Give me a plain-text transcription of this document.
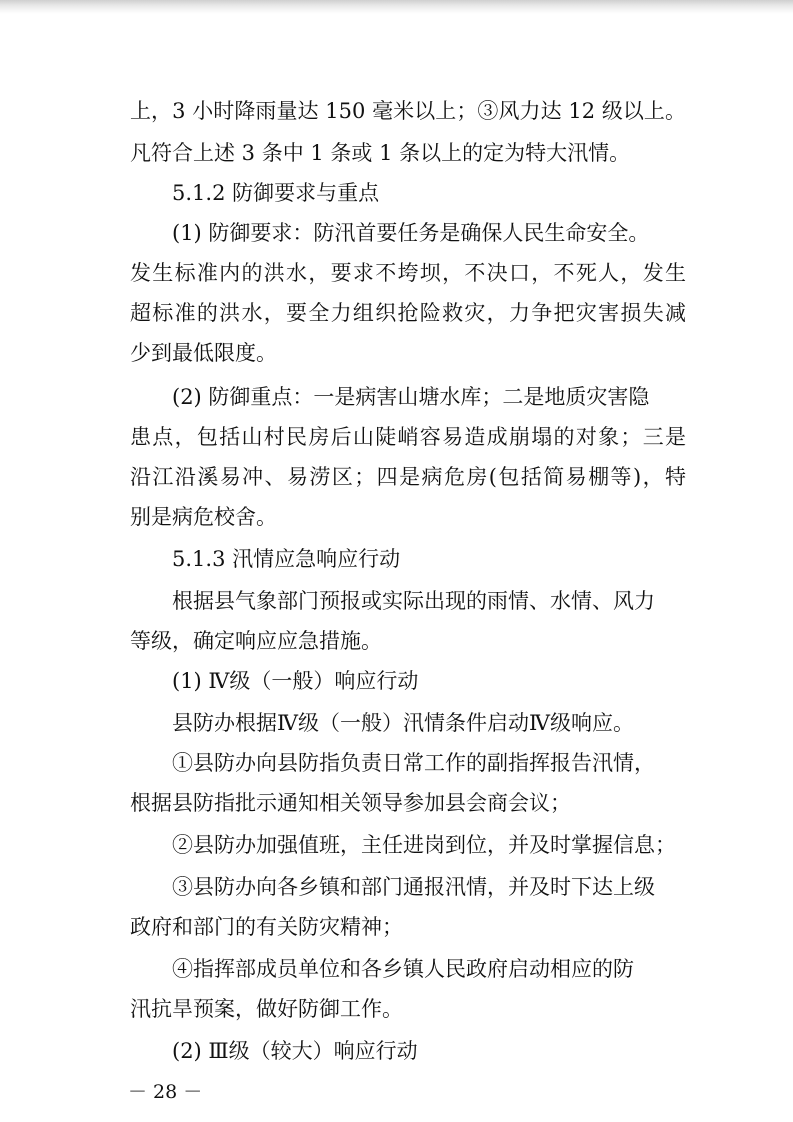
上，3 小时降雨量达 150 毫米以上；③风力达 12 级以上。
凡符合上述 3 条中 1 条或 1 条以上的定为特大汛情。
5.1.2 防御要求与重点
(1) 防御要求：防汛首要任务是确保人民生命安全。
发生标准内的洪水，要求不垮坝，不决口，不死人，发生
超标准的洪水，要全力组织抢险救灾，力争把灾害损失减
少到最低限度。
(2) 防御重点：一是病害山塘水库；二是地质灾害隐
患点，包括山村民房后山陡峭容易造成崩塌的对象；三是
沿江沿溪易冲、易涝区；四是病危房(包括简易棚等)，特
别是病危校舍。
5.1.3 汛情应急响应行动
根据县气象部门预报或实际出现的雨情、水情、风力
等级，确定响应应急措施。
(1) Ⅳ级（一般）响应行动
县防办根据Ⅳ级（一般）汛情条件启动Ⅳ级响应。
①县防办向县防指负责日常工作的副指挥报告汛情，
根据县防指批示通知相关领导参加县会商会议；
②县防办加强值班，主任进岗到位，并及时掌握信息；
③县防办向各乡镇和部门通报汛情，并及时下达上级
政府和部门的有关防灾精神；
④指挥部成员单位和各乡镇人民政府启动相应的防
汛抗旱预案，做好防御工作。
(2) Ⅲ级（较大）响应行动
－ 28 －
